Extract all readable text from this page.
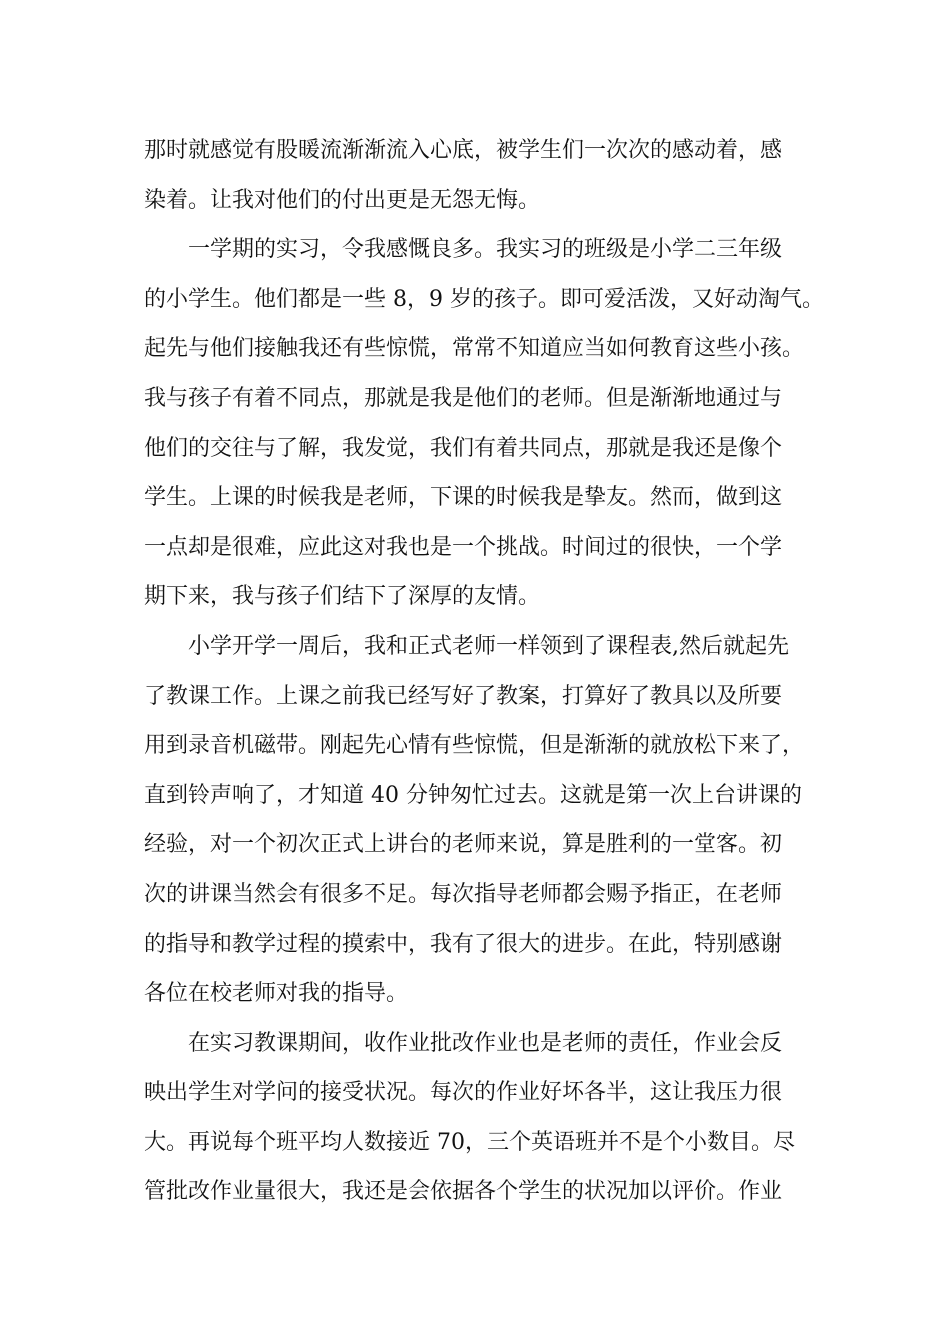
那时就感觉有股暖流渐渐流入心底，被学生们一次次的感动着，感
染着。让我对他们的付出更是无怨无悔。
一学期的实习，令我感慨良多。我实习的班级是小学二三年级
的小学生。他们都是一些 8，9 岁的孩子。即可爱活泼，又好动淘气。
起先与他们接触我还有些惊慌，常常不知道应当如何教育这些小孩。
我与孩子有着不同点，那就是我是他们的老师。但是渐渐地通过与
他们的交往与了解，我发觉，我们有着共同点，那就是我还是像个
学生。上课的时候我是老师，下课的时候我是挚友。然而，做到这
一点却是很难，应此这对我也是一个挑战。时间过的很快，一个学
期下来，我与孩子们结下了深厚的友情。
小学开学一周后，我和正式老师一样领到了课程表,然后就起先
了教课工作。上课之前我已经写好了教案，打算好了教具以及所要
用到录音机磁带。刚起先心情有些惊慌，但是渐渐的就放松下来了，
直到铃声响了，才知道 40 分钟匆忙过去。这就是第一次上台讲课的
经验，对一个初次正式上讲台的老师来说，算是胜利的一堂客。初
次的讲课当然会有很多不足。每次指导老师都会赐予指正，在老师
的指导和教学过程的摸索中，我有了很大的进步。在此，特别感谢
各位在校老师对我的指导。
在实习教课期间，收作业批改作业也是老师的责任，作业会反
映出学生对学问的接受状况。每次的作业好坏各半，这让我压力很
大。再说每个班平均人数接近 70，三个英语班并不是个小数目。尽
管批改作业量很大，我还是会依据各个学生的状况加以评价。作业
